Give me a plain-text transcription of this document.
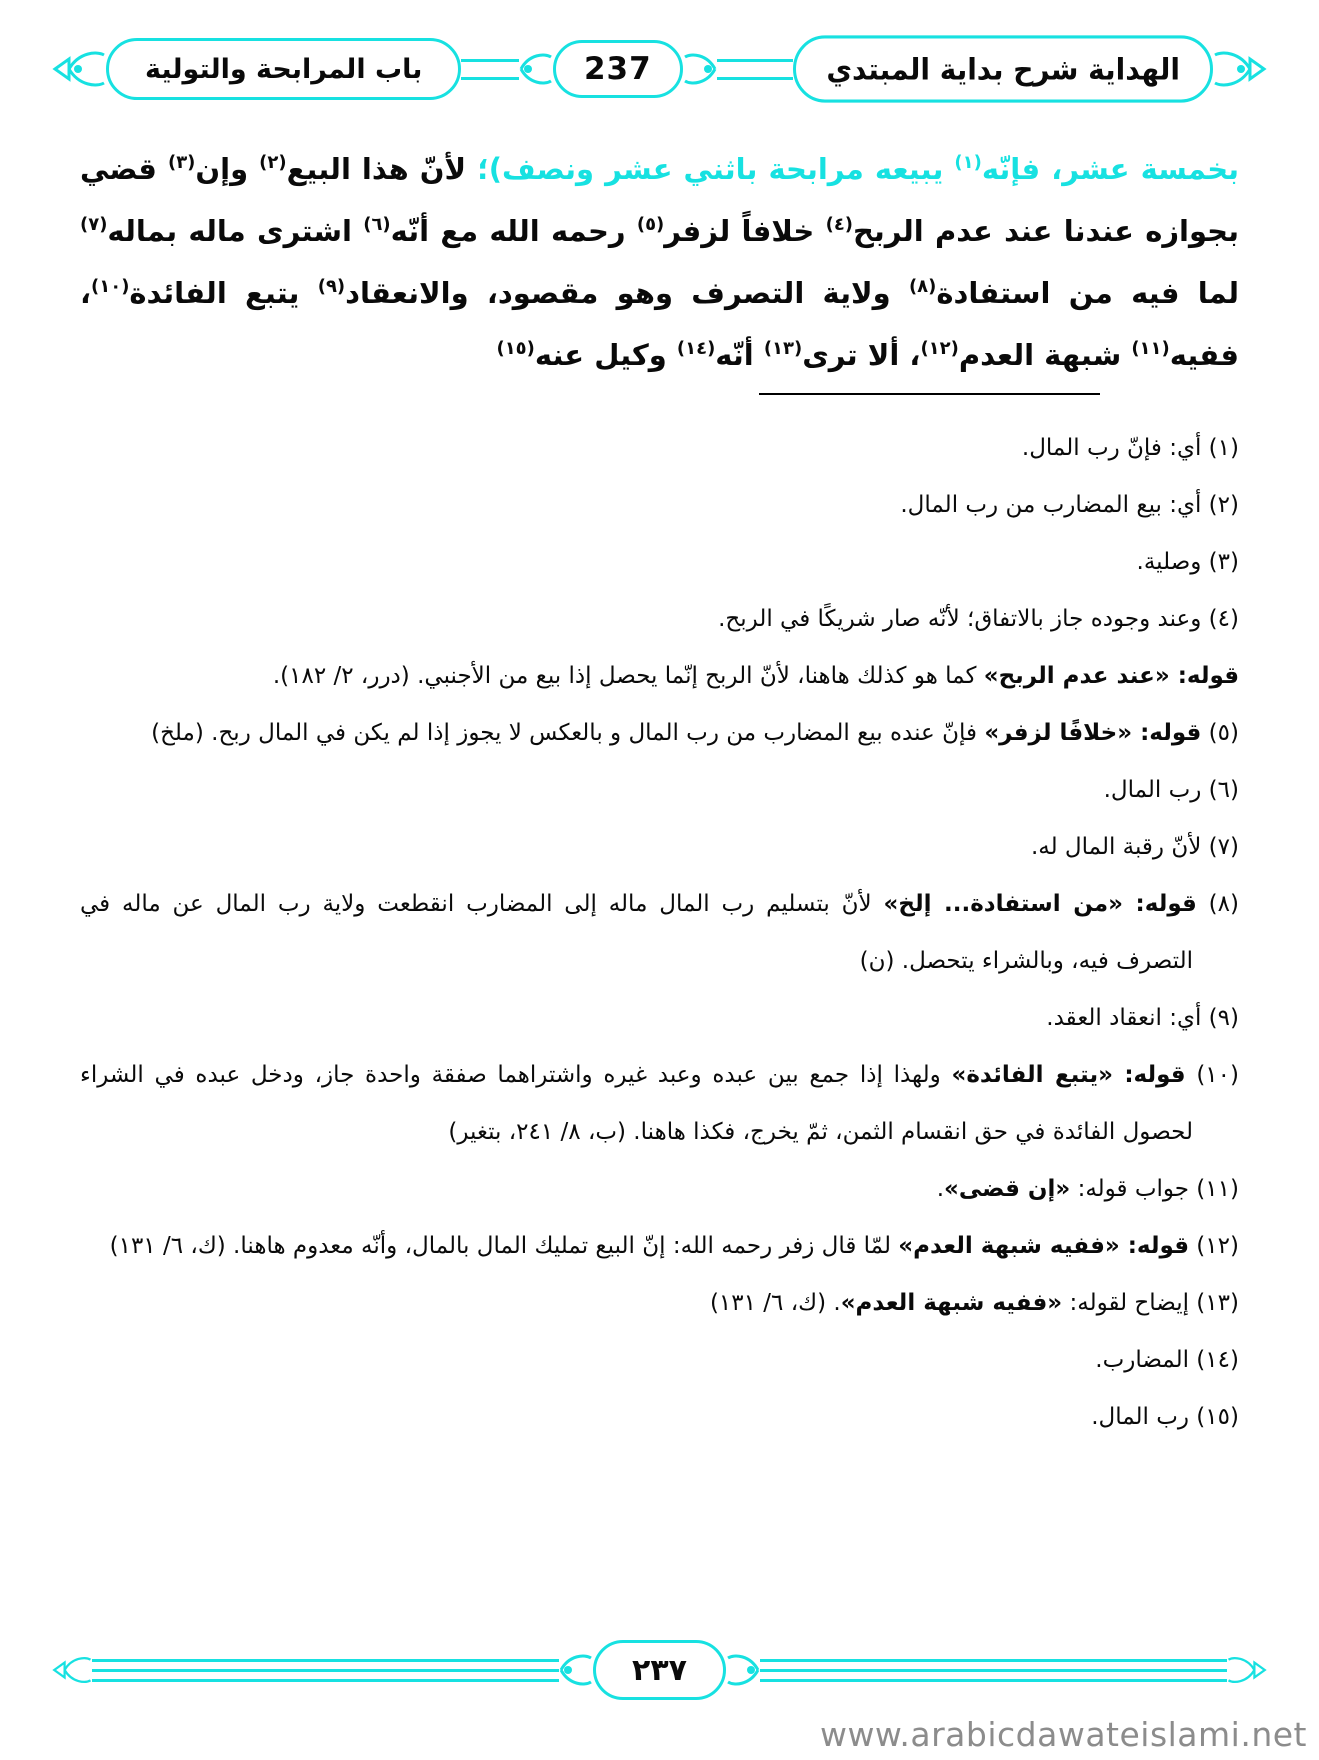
باب المرابحة والتولية	237	الهداية شرح بداية المبتدي

بخمسة عشر، فإنّه$^{(١)}$ يبيعه مرابحة باثني عشر ونصف)؛ لأنّ هذا البيع$^{(٢)}$ وإن$^{(٣)}$ قضي بجوازه عندنا عند عدم الربح$^{(٤)}$ خلافاً لزفر$^{(٥)}$ رحمه الله مع أنّه$^{(٦)}$ اشترى ماله بماله$^{(٧)}$ لما فيه من استفادة$^{(٨)}$ ولاية التصرف وهو مقصود، والانعقاد$^{(٩)}$ يتبع الفائدة$^{(١٠)}$، ففيه$^{(١١)}$ شبهة العدم$^{(١٢)}$، ألا ترى$^{(١٣)}$ أنّه$^{(١٤)}$ وكيل عنه$^{(١٥)}$

(١) أي: فإنّ رب المال.

(٢) أي: بيع المضارب من رب المال.

(٣) وصلية.

(٤) وعند وجوده جاز بالاتفاق؛ لأنّه صار شريكًا في الربح.

قوله: «عند عدم الربح» كما هو كذلك هاهنا، لأنّ الربح إنّما يحصل إذا بيع من الأجنبي. (درر، ٢/ ١٨٢).

(٥) قوله: «خلافًا لزفر» فإنّ عنده بيع المضارب من رب المال و بالعكس لا يجوز إذا لم يكن في المال ربح. (ملخ)

(٦) رب المال.

(٧) لأنّ رقبة المال له.

(٨) قوله: «من استفادة... إلخ» لأنّ بتسليم رب المال ماله إلى المضارب انقطعت ولاية رب المال عن ماله في التصرف فيه، وبالشراء يتحصل. (ن)

(٩) أي: انعقاد العقد.

(١٠) قوله: «يتبع الفائدة» ولهذا إذا جمع بين عبده وعبد غيره واشتراهما صفقة واحدة جاز، ودخل عبده في الشراء لحصول الفائدة في حق انقسام الثمن، ثمّ يخرج، فكذا هاهنا. (ب، ٨/ ٢٤١، بتغير)

(١١) جواب قوله: «إن قضى».

(١٢) قوله: «ففيه شبهة العدم» لمّا قال زفر رحمه الله: إنّ البيع تمليك المال بالمال، وأنّه معدوم هاهنا. (ك، ٦/ ١٣١)

(١٣) إيضاح لقوله: «ففيه شبهة العدم». (ك، ٦/ ١٣١)

(١٤) المضارب.

(١٥) رب المال.

٢٣٧
www.arabicdawateislami.net
